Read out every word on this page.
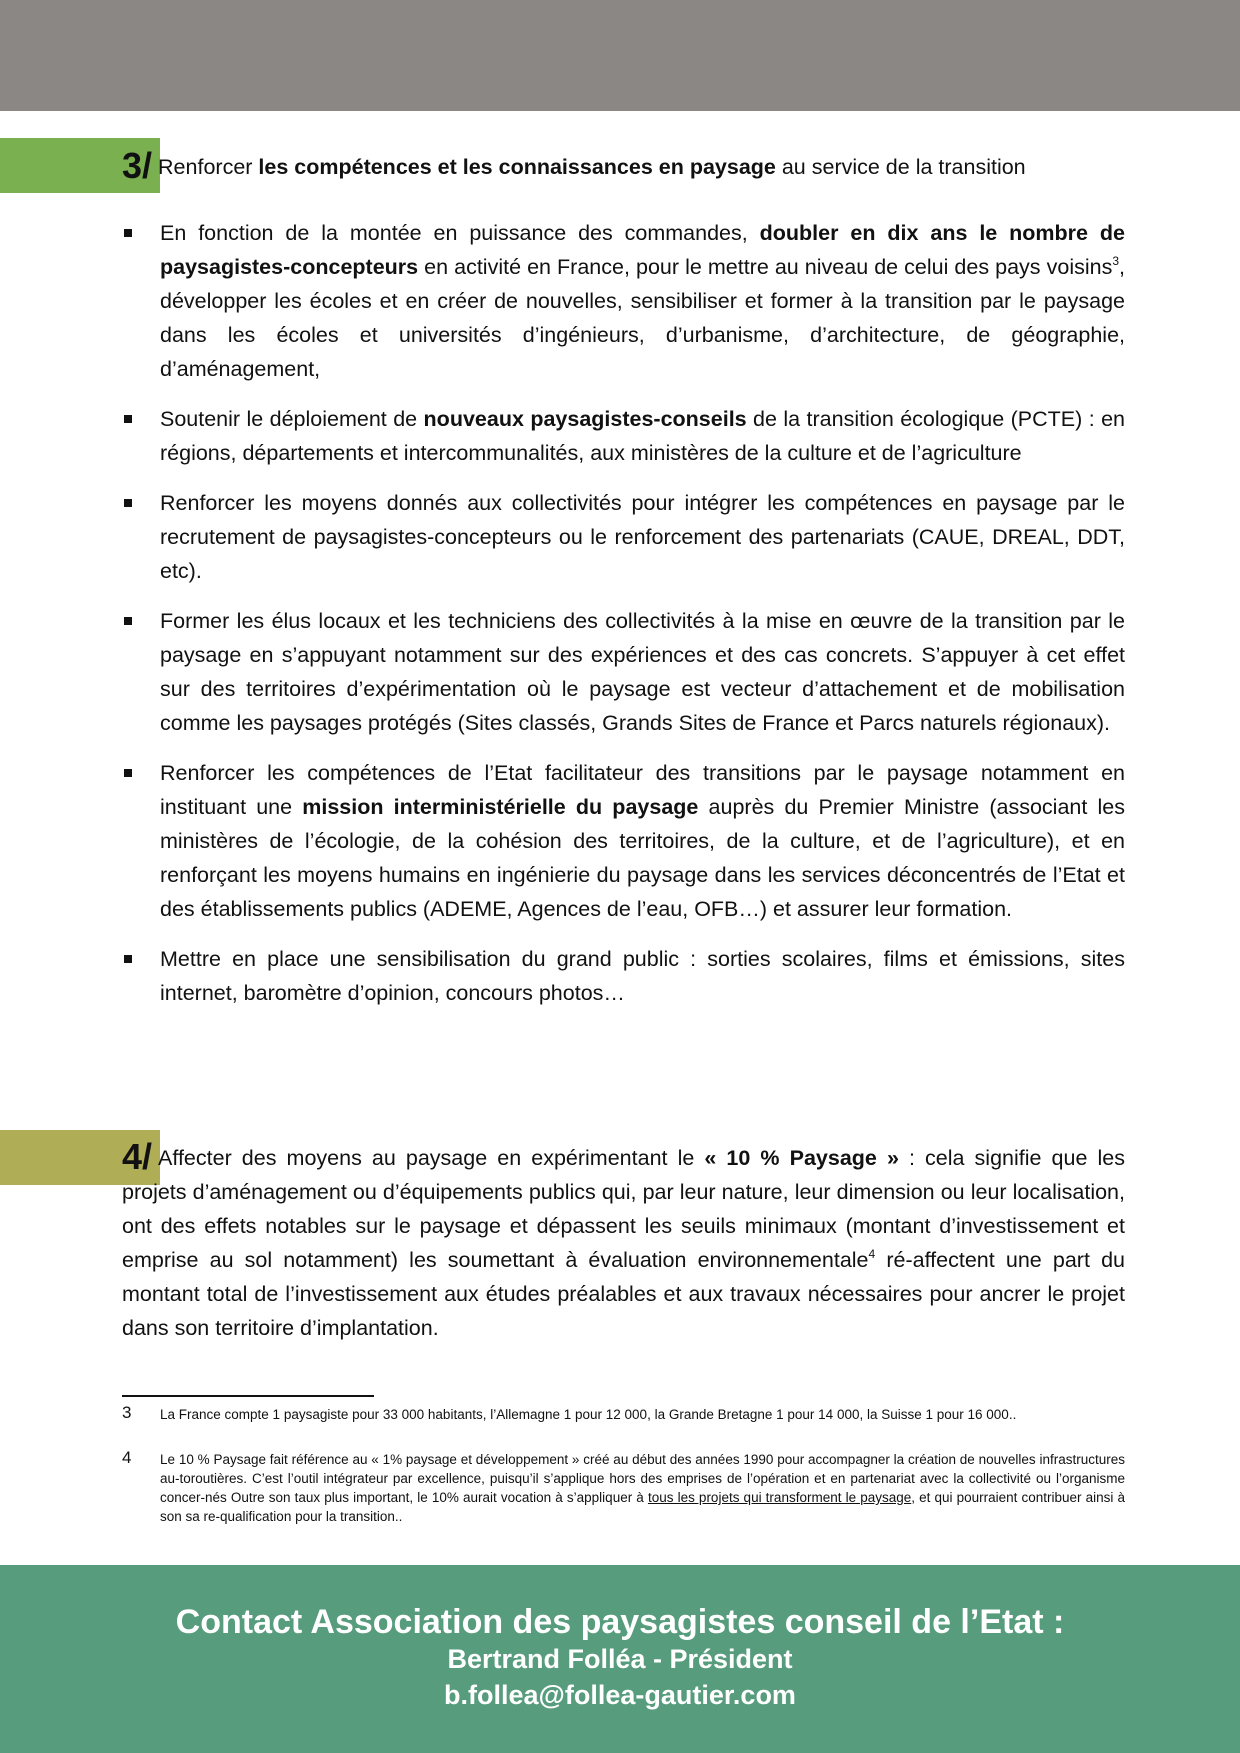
3/ Renforcer les compétences et les connaissances en paysage au service de la transition
En fonction de la montée en puissance des commandes, doubler en dix ans le nombre de paysagistes-concepteurs en activité en France, pour le mettre au niveau de celui des pays voisins$^3$, développer les écoles et en créer de nouvelles, sensibiliser et former à la transition par le paysage dans les écoles et universités d’ingénieurs, d’urbanisme, d’architecture, de géographie, d’aménagement,
Soutenir le déploiement de nouveaux paysagistes-conseils de la transition écologique (PCTE) : en régions, départements et intercommunalités, aux ministères de la culture et de l’agriculture
Renforcer les moyens donnés aux collectivités pour intégrer les compétences en paysage par le recrutement de paysagistes-concepteurs ou le renforcement des partenariats (CAUE, DREAL, DDT, etc).
Former les élus locaux et les techniciens des collectivités à la mise en œuvre de la transition par le paysage en s’appuyant notamment sur des expériences et des cas concrets. S’appuyer à cet effet sur des territoires d’expérimentation où le paysage est vecteur d’attachement et de mobilisation comme les paysages protégés (Sites classés, Grands Sites de France et Parcs naturels régionaux).
Renforcer les compétences de l’Etat facilitateur des transitions par le paysage notamment en instituant une mission interministérielle du paysage auprès du Premier Ministre (associant les ministères de l’écologie, de la cohésion des territoires, de la culture, et de l’agriculture), et en renforçant les moyens humains en ingénierie du paysage dans les services déconcentrés de l’Etat et des établissements publics (ADEME, Agences de l’eau, OFB…) et assurer leur formation.
Mettre en place une sensibilisation du grand public : sorties scolaires, films et émissions, sites internet, baromètre d’opinion, concours photos…
4/ Affecter des moyens au paysage en expérimentant le « 10 % Paysage » : cela signifie que les projets d’aménagement ou d’équipements publics qui, par leur nature, leur dimension ou leur localisation, ont des effets notables sur le paysage et dépassent les seuils minimaux (montant d’investissement et emprise au sol notamment) les soumettant à évaluation environnementale$^4$ ré-affectent une part du montant total de l’investissement aux études préalables et aux travaux nécessaires pour ancrer le projet dans son territoire d’implantation.
3 La France compte 1 paysagiste pour 33 000 habitants, l’Allemagne 1 pour 12 000, la Grande Bretagne 1 pour 14 000, la Suisse 1 pour 16 000..
4 Le 10 % Paysage fait référence au « 1% paysage et développement » créé au début des années 1990 pour accompagner la création de nouvelles infrastructures au-toroutières. C’est l’outil intégrateur par excellence, puisqu’il s’applique hors des emprises de l’opération et en partenariat avec la collectivité ou l’organisme concer-nés Outre son taux plus important, le 10% aurait vocation à s’appliquer à tous les projets qui transforment le paysage, et qui pourraient contribuer ainsi à son sa re-qualification pour la transition..
Contact Association des paysagistes conseil de l’Etat :
Bertrand Folléa - Président
b.follea@follea-gautier.com
